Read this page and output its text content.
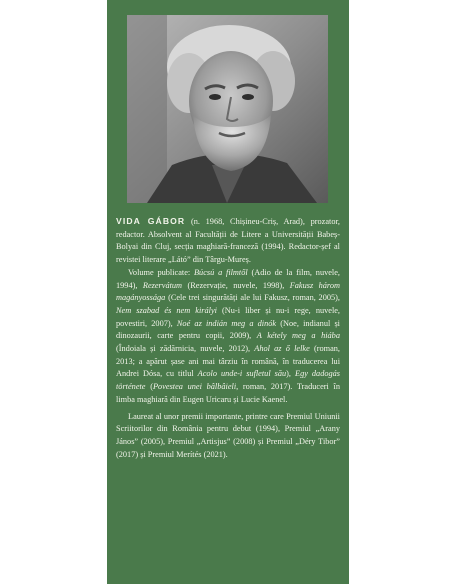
VIDA GÁBOR (n. 1968, Chișineu-Criș, Arad), prozator, redactor. Absolvent al Facultății de Litere a Universității Babeș-Bolyai din Cluj, secția maghiară-franceză (1994). Redactor-șef al revistei literare „Látó” din Târgu-Mureș.

Volume publicate: Búcsú a filmtől (Adio de la film, nuvele, 1994), Rezervátum (Rezervație, nuvele, 1998), Fakusz három magányossága (Cele trei singurătăți ale lui Fakusz, roman, 2005), Nem szabad és nem királyi (Nu-i liber și nu-i rege, nuvele, povestiri, 2007), Noé az indián meg a dinók (Noe, indianul și dinozaurii, carte pentru copii, 2009), A kétely meg a hiába (Îndoiala și zădărnicia, nuvele, 2012), Ahol az ő lelke (roman, 2013; a apărut șase ani mai târziu în română, în traducerea lui Andrei Dósa, cu titlul Acolo unde-i sufletul său), Egy dadogás története (Povestea unei bâlbâieli, roman, 2017). Traduceri în limba maghiară din Eugen Uricaru și Lucie Kaenel.

Laureat al unor premii importante, printre care Premiul Uniunii Scriitorilor din România pentru debut (1994), Premiul „Arany János” (2005), Premiul „Artisjus” (2008) și Premiul „Déry Tibor” (2017) și Premiul Merítés (2021).
